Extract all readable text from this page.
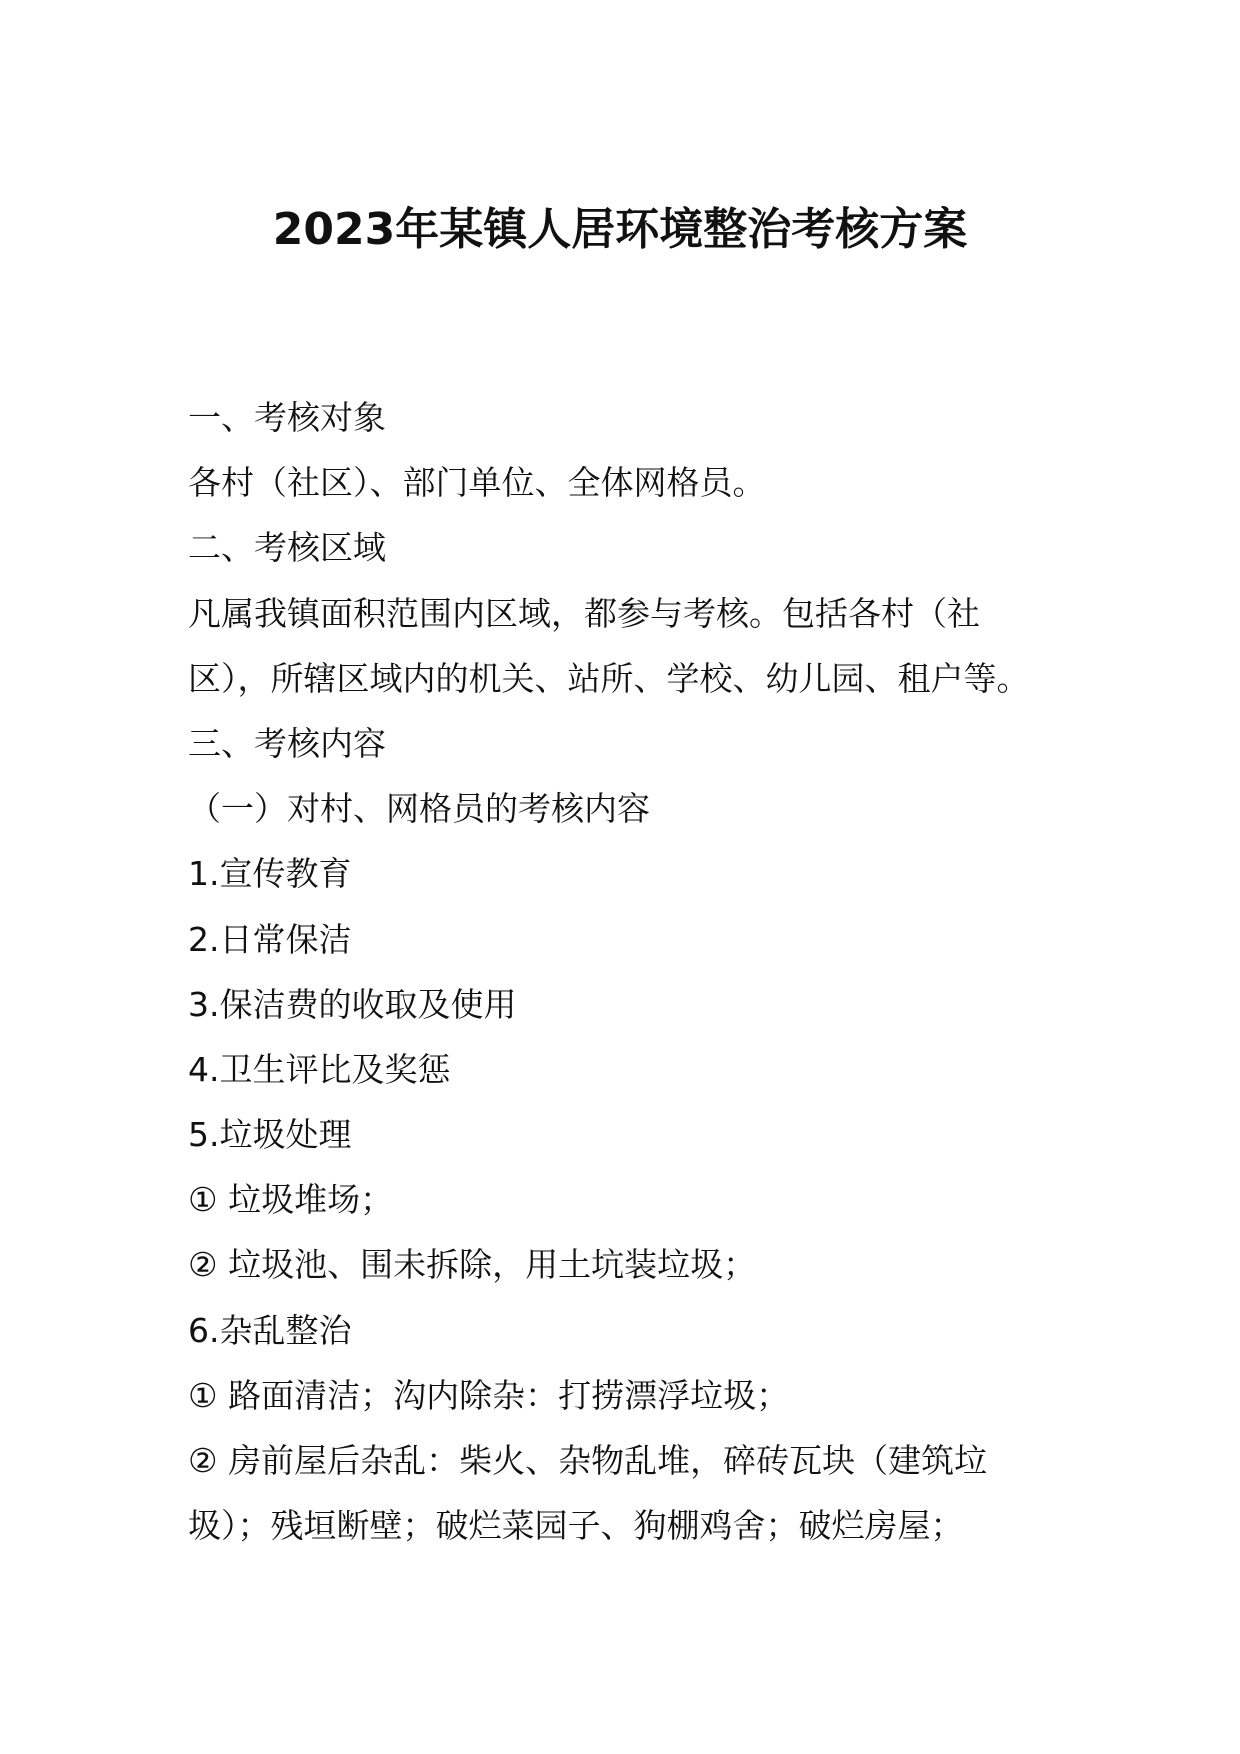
2023年某镇人居环境整治考核方案

一、考核对象

各村（社区）、部门单位、全体网格员。

二、考核区域

凡属我镇面积范围内区域，都参与考核。包括各村（社

区），所辖区域内的机关、站所、学校、幼儿园、租户等。

三、考核内容

（一）对村、网格员的考核内容

1.宣传教育

2.日常保洁

3.保洁费的收取及使用

4.卫生评比及奖惩

5.垃圾处理

① 垃圾堆场；

② 垃圾池、围未拆除，用土坑装垃圾；

6.杂乱整治

① 路面清洁；沟内除杂：打捞漂浮垃圾；

② 房前屋后杂乱：柴火、杂物乱堆，碎砖瓦块（建筑垃

圾）；残垣断壁；破烂菜园子、狗棚鸡舍；破烂房屋；
